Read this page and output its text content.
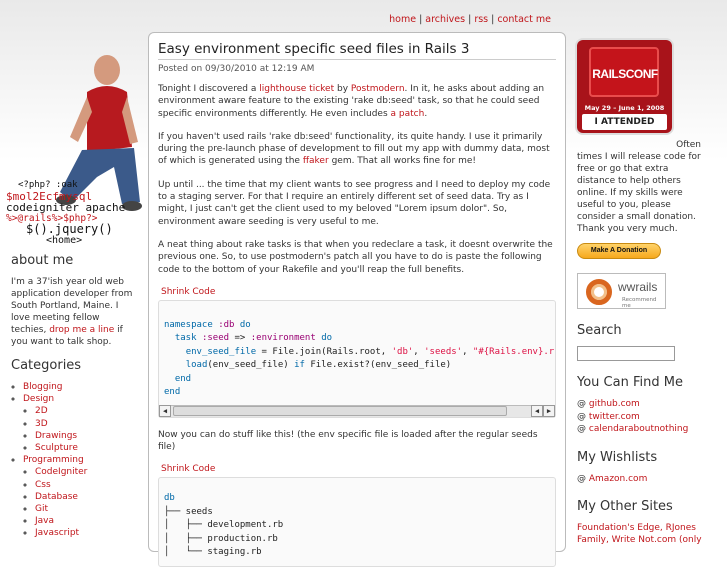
home | archives | rss | contact me
<?php? :oak
$mol2Ecfmysql
codeigniter apache
%>@rails%>$php?>
$().jquery()
<home>
about me

I'm a 37'ish year old web application developer from South Portland, Maine. I love meeting fellow techies, drop me a line if you want to talk shop.

Categories
◦ Blogging
◦ Design
◦ 2D
◦ 3D
◦ Drawings
◦ Sculpture
◦ Programming
◦ CodeIgniter
◦ Css
◦ Database
◦ Git
◦ Java
◦ Javascript
Easy environment specific seed files in Rails 3
Posted on 09/30/2010 at 12:19 AM

Tonight I discovered a lighthouse ticket by Postmodern. In it, he asks about adding an environment aware feature to the existing 'rake db:seed' task, so that he could seed specific environments differently. He even includes a patch.

If you haven't used rails 'rake db:seed' functionality, its quite handy. I use it primarily during the pre-launch phase of development to fill out my app with dummy data, most of which is generated using the ffaker gem. That all works fine for me!

Up until ... the time that my client wants to see progress and I need to deploy my code to a staging server. For that I require an entirely different set of seed data. Try as I might, I just can't get the client used to my beloved "Lorem ipsum dolor". So, environment aware seeding is very useful to me.

A neat thing about rake tasks is that when you redeclare a task, it doesnt overwrite the previous one. So, to use postmodern's patch all you have to do is paste the following code to the bottom of your Rakefile and you'll reap the full benefits.

Shrink Code
namespace :db do
task :seed => :environment do
env_seed_file = File.join(Rails.root, 'db', 'seeds', "#{Rails.env}.r
load(env_seed_file) if File.exist?(env_seed_file)
end
end

◀	◀	▶

Now you can do stuff like this! (the env specific file is loaded after the regular seeds file)

Shrink Code
db
├── seeds
│   ├── development.rb
│   ├── production.rb
│   └── staging.rb
RAILSCONF
May 29 – June 1, 2008
I ATTENDED
Often
times I will release code for free or go that extra distance to help others online. If my skills were useful to you, please consider a small donation. Thank you very much.
Make A Donation
wwrails
Recommend me
Search
You Can Find Me
@ github.com
@ twitter.com
@ calendaraboutnothing
My Wishlists
@ Amazon.com
My Other Sites
Foundation's Edge, RJones Family, Write Not.com (only
